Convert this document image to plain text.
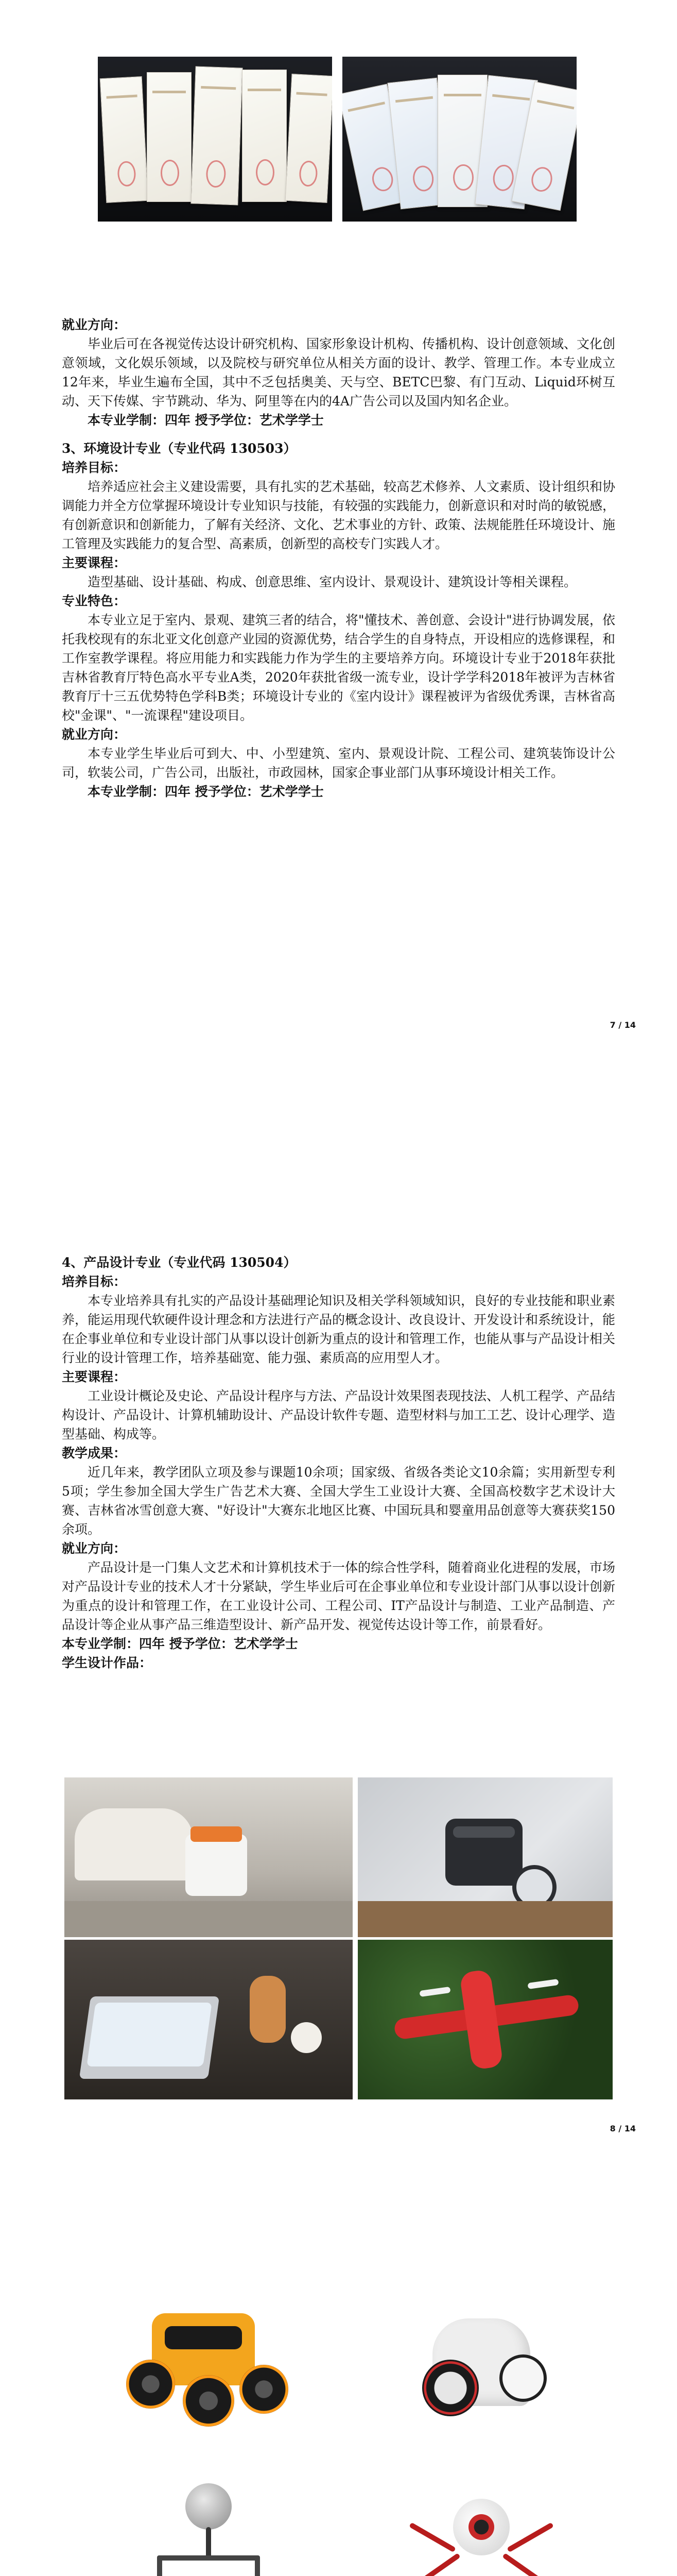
就业方向：

毕业后可在各视觉传达设计研究机构、国家形象设计机构、传播机构、设计创意领域、文化创意领域，文化娱乐领域，以及院校与研究单位从相关方面的设计、教学、管理工作。本专业成立12年来，毕业生遍布全国，其中不乏包括奥美、天与空、BETC巴黎、有门互动、Liquid环树互动、天下传媒、宇节跳动、华为、阿里等在内的4A广告公司以及国内知名企业。

本专业学制：四年 授予学位：艺术学学士

3、环境设计专业（专业代码 130503）

培养目标：

培养适应社会主义建设需要，具有扎实的艺术基础，较高艺术修养、人文素质、设计组织和协调能力并全方位掌握环境设计专业知识与技能，有较强的实践能力，创新意识和对时尚的敏锐感，有创新意识和创新能力，了解有关经济、文化、艺术事业的方针、政策、法规能胜任环境设计、施工管理及实践能力的复合型、高素质，创新型的高校专门实践人才。

主要课程：

造型基础、设计基础、构成、创意思维、室内设计、景观设计、建筑设计等相关课程。

专业特色：

本专业立足于室内、景观、建筑三者的结合，将"懂技术、善创意、会设计"进行协调发展，依托我校现有的东北亚文化创意产业园的资源优势，结合学生的自身特点，开设相应的选修课程，和工作室教学课程。将应用能力和实践能力作为学生的主要培养方向。环境设计专业于2018年获批吉林省教育厅特色高水平专业A类，2020年获批省级一流专业，设计学学科2018年被评为吉林省教育厅十三五优势特色学科B类；环境设计专业的《室内设计》课程被评为省级优秀课，吉林省高校"金课"、"一流课程"建设项目。

就业方向：

本专业学生毕业后可到大、中、小型建筑、室内、景观设计院、工程公司、建筑装饰设计公司，软装公司，广告公司，出版社，市政园林，国家企事业部门从事环境设计相关工作。

本专业学制：四年 授予学位：艺术学学士

7 / 14

4、产品设计专业（专业代码 130504）

培养目标：

本专业培养具有扎实的产品设计基础理论知识及相关学科领域知识，良好的专业技能和职业素养，能运用现代软硬件设计理念和方法进行产品的概念设计、改良设计、开发设计和系统设计，能在企事业单位和专业设计部门从事以设计创新为重点的设计和管理工作，也能从事与产品设计相关行业的设计管理工作，培养基础宽、能力强、素质高的应用型人才。

主要课程：

工业设计概论及史论、产品设计程序与方法、产品设计效果图表现技法、人机工程学、产品结构设计、产品设计、计算机辅助设计、产品设计软件专题、造型材料与加工工艺、设计心理学、造型基础、构成等。

教学成果：

近几年来，教学团队立项及参与课题10余项；国家级、省级各类论文10余篇；实用新型专利5项；学生参加全国大学生广告艺术大赛、全国大学生工业设计大赛、全国高校数字艺术设计大赛、吉林省冰雪创意大赛、"好设计"大赛东北地区比赛、中国玩具和婴童用品创意等大赛获奖150余项。

就业方向：

产品设计是一门集人文艺术和计算机技术于一体的综合性学科，随着商业化进程的发展，市场对产品设计专业的技术人才十分紧缺，学生毕业后可在企事业单位和专业设计部门从事以设计创新为重点的设计和管理工作，在工业设计公司、工程公司、IT产品设计与制造、工业产品制造、产品设计等企业从事产品三维造型设计、新产品开发、视觉传达设计等工作，前景看好。

本专业学制：四年 授予学位：艺术学学士

学生设计作品：

8 / 14
